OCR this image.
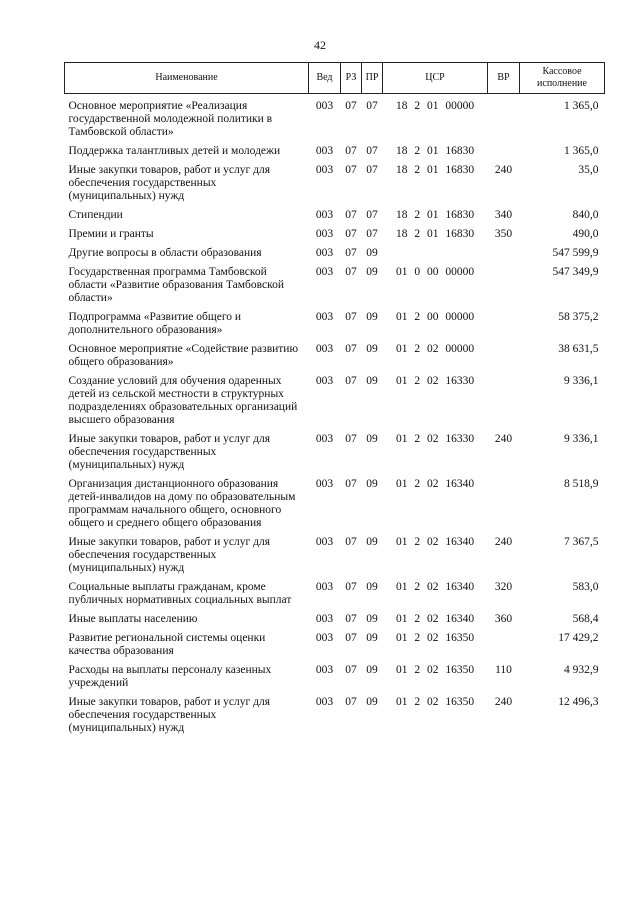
42
Наименование	Вед	РЗ	ПР	ЦСР	ВР	Кассовое исполнение
Основное мероприятие «Реализация государственной молодежной политики в Тамбовской области»	003	07	07	18 2 01 00000		1 365,0
Поддержка талантливых детей и молодежи	003	07	07	18 2 01 16830		1 365,0
Иные закупки товаров, работ и услуг для обеспечения государственных (муниципальных) нужд	003	07	07	18 2 01 16830	240	35,0
Стипендии	003	07	07	18 2 01 16830	340	840,0
Премии и гранты	003	07	07	18 2 01 16830	350	490,0
Другие вопросы в области образования	003	07	09			547 599,9
Государственная программа Тамбовской области «Развитие образования Тамбовской области»	003	07	09	01 0 00 00000		547 349,9
Подпрограмма «Развитие общего и дополнительного образования»	003	07	09	01 2 00 00000		58 375,2
Основное мероприятие «Содействие развитию общего образования»	003	07	09	01 2 02 00000		38 631,5
Создание условий для обучения одаренных детей из сельской местности в структурных подразделениях образовательных организаций высшего образования	003	07	09	01 2 02 16330		9 336,1
Иные закупки товаров, работ и услуг для обеспечения государственных (муниципальных) нужд	003	07	09	01 2 02 16330	240	9 336,1
Организация дистанционного образования детей-инвалидов на дому по образовательным программам начального общего, основного общего и среднего общего образования	003	07	09	01 2 02 16340		8 518,9
Иные закупки товаров, работ и услуг для обеспечения государственных (муниципальных) нужд	003	07	09	01 2 02 16340	240	7 367,5
Социальные выплаты гражданам, кроме публичных нормативных социальных выплат	003	07	09	01 2 02 16340	320	583,0
Иные выплаты населению	003	07	09	01 2 02 16340	360	568,4
Развитие региональной системы оценки качества образования	003	07	09	01 2 02 16350		17 429,2
Расходы на выплаты персоналу казенных учреждений	003	07	09	01 2 02 16350	110	4 932,9
Иные закупки товаров, работ и услуг для обеспечения государственных (муниципальных) нужд	003	07	09	01 2 02 16350	240	12 496,3
